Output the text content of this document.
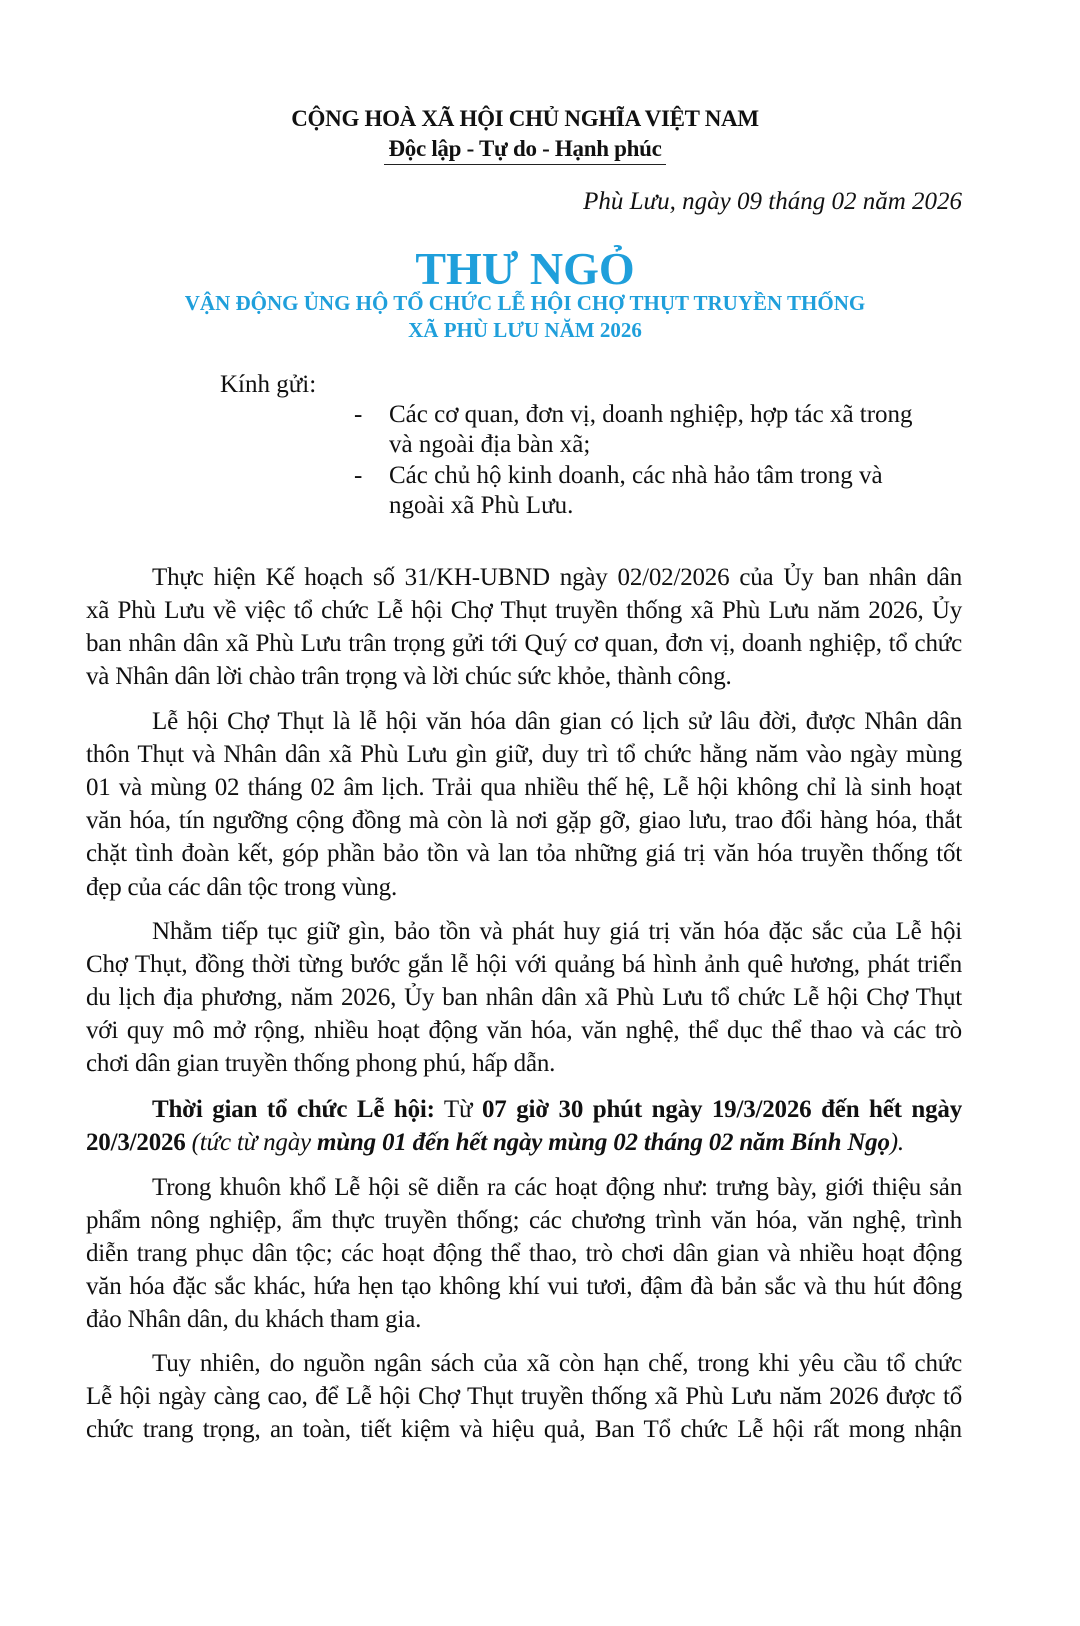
CỘNG HOÀ XÃ HỘI CHỦ NGHĨA VIỆT NAM
Độc lập - Tự do - Hạnh phúc
Phù Lưu, ngày 09 tháng 02 năm 2026
THƯ NGỎ
VẬN ĐỘNG ỦNG HỘ TỔ CHỨC LỄ HỘI CHỢ THỤT TRUYỀN THỐNG
XÃ PHÙ LƯU NĂM 2026
Kính gửi:
- Các cơ quan, đơn vị, doanh nghiệp, hợp tác xã trong
và ngoài địa bàn xã;
- Các chủ hộ kinh doanh, các nhà hảo tâm trong và
ngoài xã Phù Lưu.
Thực hiện Kế hoạch số 31/KH-UBND ngày 02/02/2026 của Ủy ban nhân dân
xã Phù Lưu về việc tổ chức Lễ hội Chợ Thụt truyền thống xã Phù Lưu năm 2026, Ủy
ban nhân dân xã Phù Lưu trân trọng gửi tới Quý cơ quan, đơn vị, doanh nghiệp, tổ chức
và Nhân dân lời chào trân trọng và lời chúc sức khỏe, thành công.
Lễ hội Chợ Thụt là lễ hội văn hóa dân gian có lịch sử lâu đời, được Nhân dân
thôn Thụt và Nhân dân xã Phù Lưu gìn giữ, duy trì tổ chức hằng năm vào ngày mùng
01 và mùng 02 tháng 02 âm lịch. Trải qua nhiều thế hệ, Lễ hội không chỉ là sinh hoạt
văn hóa, tín ngưỡng cộng đồng mà còn là nơi gặp gỡ, giao lưu, trao đổi hàng hóa, thắt
chặt tình đoàn kết, góp phần bảo tồn và lan tỏa những giá trị văn hóa truyền thống tốt
đẹp của các dân tộc trong vùng.
Nhằm tiếp tục giữ gìn, bảo tồn và phát huy giá trị văn hóa đặc sắc của Lễ hội
Chợ Thụt, đồng thời từng bước gắn lễ hội với quảng bá hình ảnh quê hương, phát triển
du lịch địa phương, năm 2026, Ủy ban nhân dân xã Phù Lưu tổ chức Lễ hội Chợ Thụt
với quy mô mở rộng, nhiều hoạt động văn hóa, văn nghệ, thể dục thể thao và các trò
chơi dân gian truyền thống phong phú, hấp dẫn.
Trong khuôn khổ Lễ hội sẽ diễn ra các hoạt động như: trưng bày, giới thiệu sản
phẩm nông nghiệp, ẩm thực truyền thống; các chương trình văn hóa, văn nghệ, trình
diễn trang phục dân tộc; các hoạt động thể thao, trò chơi dân gian và nhiều hoạt động
văn hóa đặc sắc khác, hứa hẹn tạo không khí vui tươi, đậm đà bản sắc và thu hút đông
đảo Nhân dân, du khách tham gia.
Tuy nhiên, do nguồn ngân sách của xã còn hạn chế, trong khi yêu cầu tổ chức
Lễ hội ngày càng cao, để Lễ hội Chợ Thụt truyền thống xã Phù Lưu năm 2026 được tổ
chức trang trọng, an toàn, tiết kiệm và hiệu quả, Ban Tổ chức Lễ hội rất mong nhận
Thời gian tổ chức Lễ hội: Từ 07 giờ 30 phút ngày 19/3/2026 đến hết ngày
20/3/2026 (tức từ ngày mùng 01 đến hết ngày mùng 02 tháng 02 năm Bính Ngọ).
